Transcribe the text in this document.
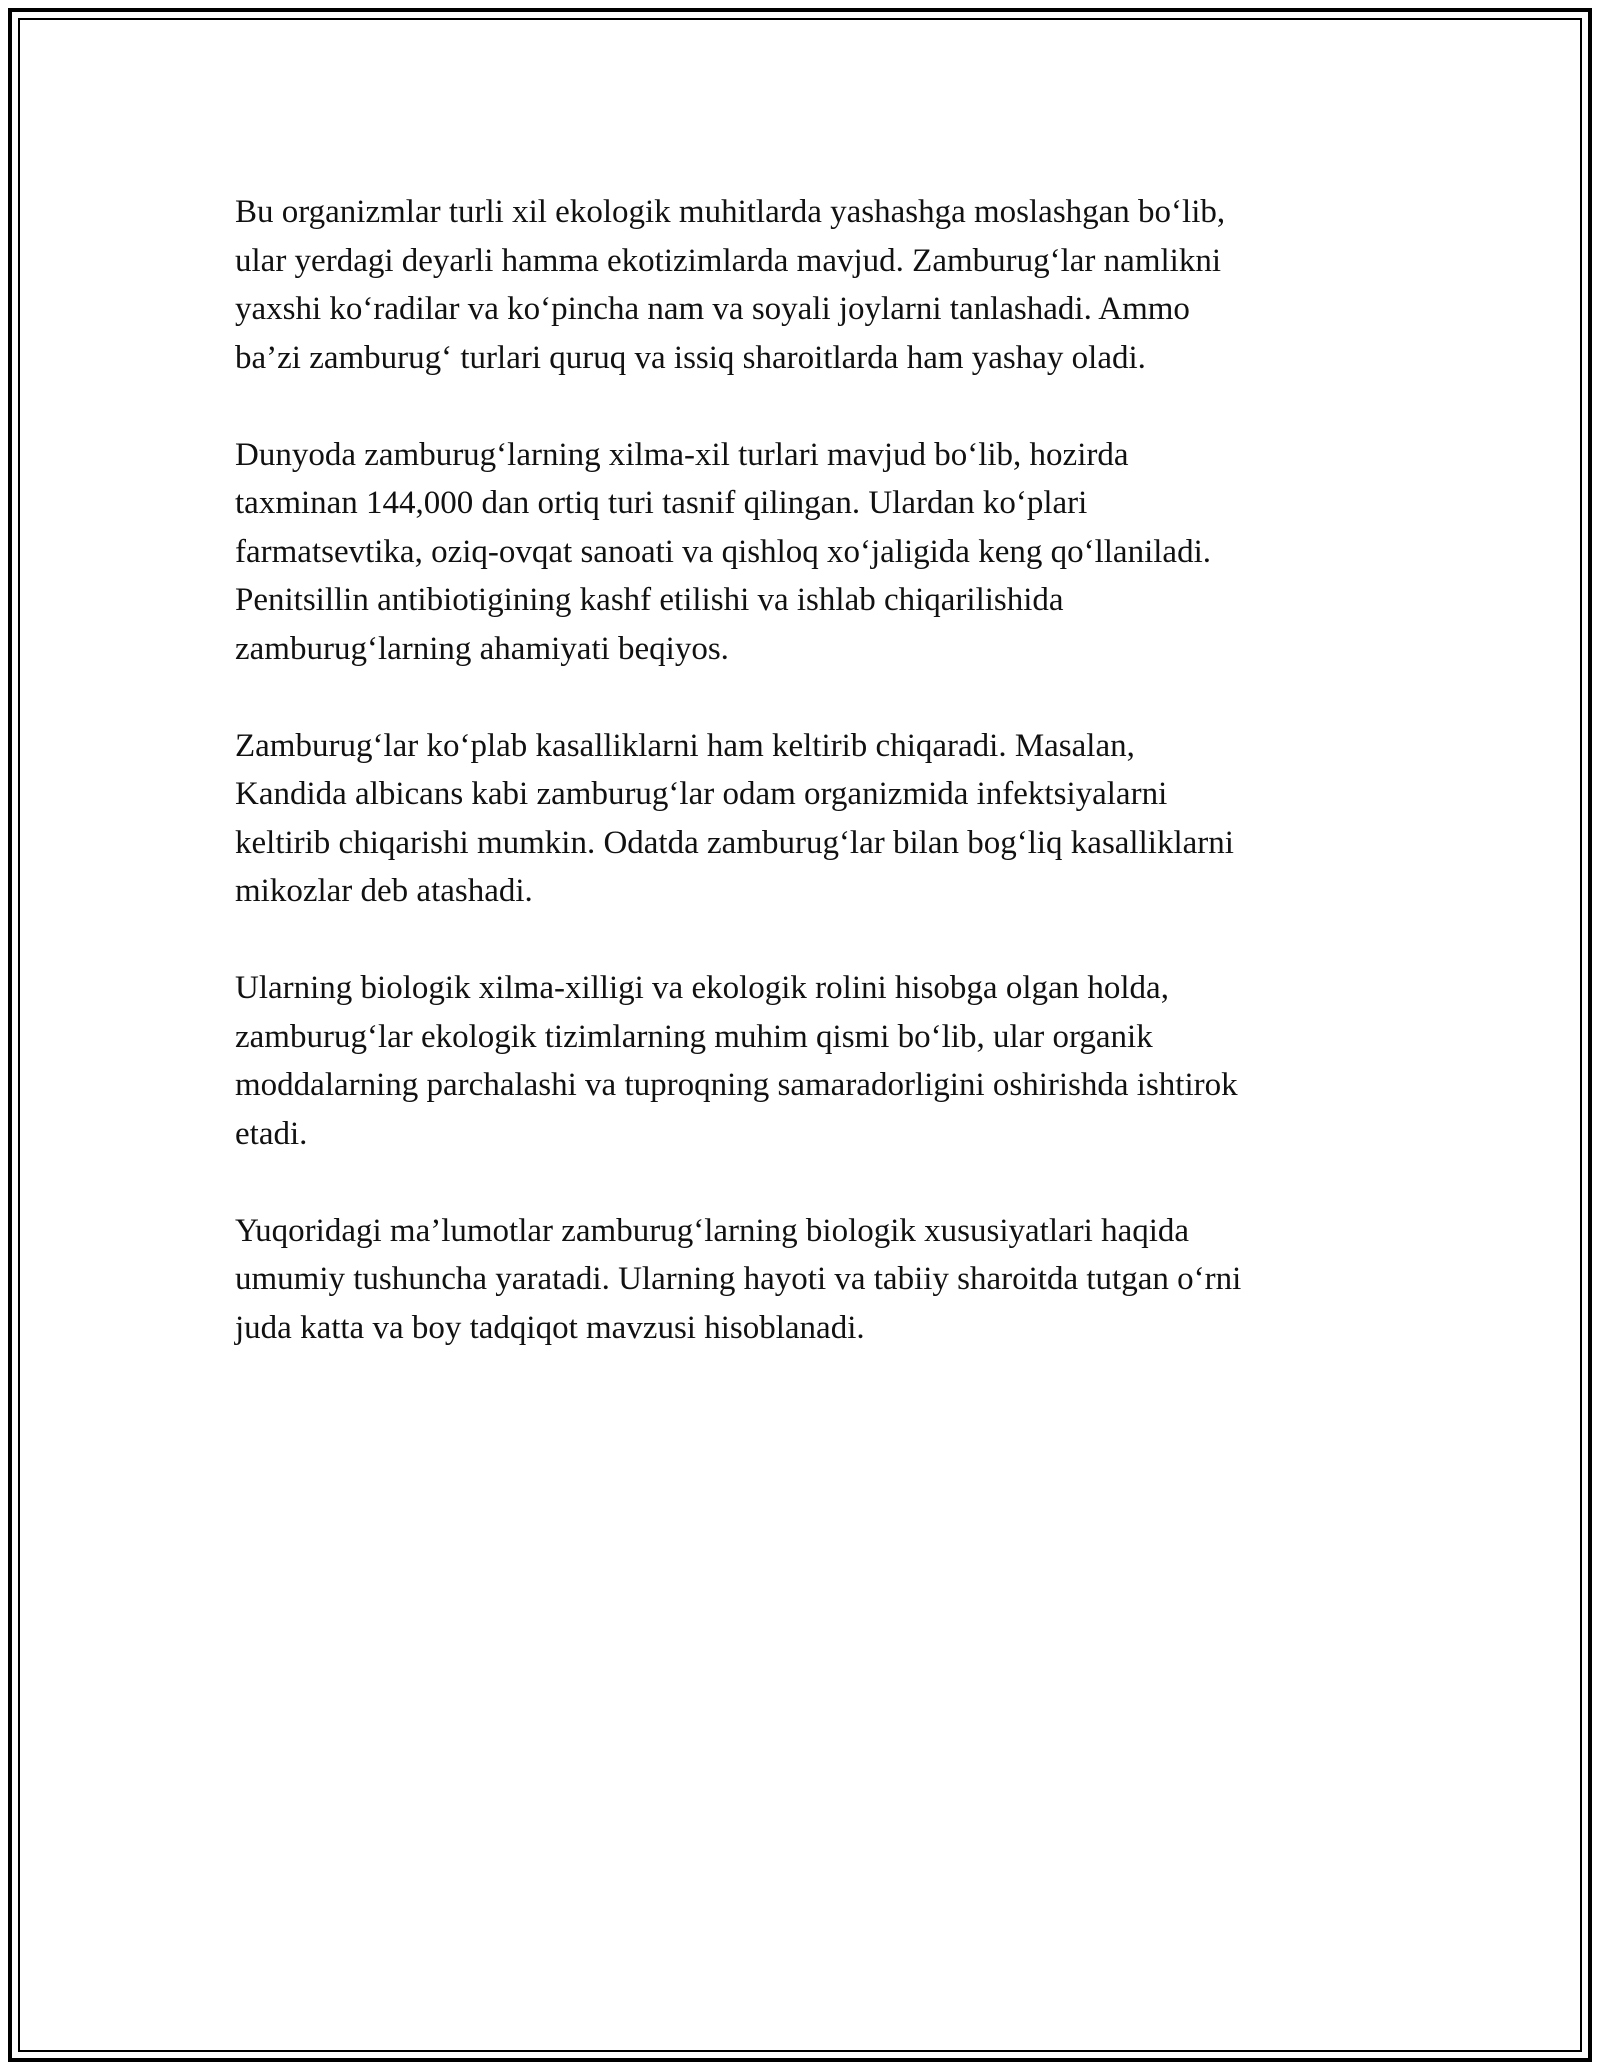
Bu organizmlar turli xil ekologik muhitlarda yashashga moslashgan bo‘lib,
ular yerdagi deyarli hamma ekotizimlarda mavjud. Zamburug‘lar namlikni
yaxshi ko‘radilar va ko‘pincha nam va soyali joylarni tanlashadi. Ammo
ba’zi zamburug‘ turlari quruq va issiq sharoitlarda ham yashay oladi.

Dunyoda zamburug‘larning xilma-xil turlari mavjud bo‘lib, hozirda
taxminan 144,000 dan ortiq turi tasnif qilingan. Ulardan ko‘plari
farmatsevtika, oziq-ovqat sanoati va qishloq xo‘jaligida keng qo‘llaniladi.
Penitsillin antibiotigining kashf etilishi va ishlab chiqarilishida
zamburug‘larning ahamiyati beqiyos.

Zamburug‘lar ko‘plab kasalliklarni ham keltirib chiqaradi. Masalan,
Kandida albicans kabi zamburug‘lar odam organizmida infektsiyalarni
keltirib chiqarishi mumkin. Odatda zamburug‘lar bilan bog‘liq kasalliklarni
mikozlar deb atashadi.

Ularning biologik xilma-xilligi va ekologik rolini hisobga olgan holda,
zamburug‘lar ekologik tizimlarning muhim qismi bo‘lib, ular organik
moddalarning parchalashi va tuproqning samaradorligini oshirishda ishtirok
etadi.

Yuqoridagi ma’lumotlar zamburug‘larning biologik xususiyatlari haqida
umumiy tushuncha yaratadi. Ularning hayoti va tabiiy sharoitda tutgan o‘rni
juda katta va boy tadqiqot mavzusi hisoblanadi.
